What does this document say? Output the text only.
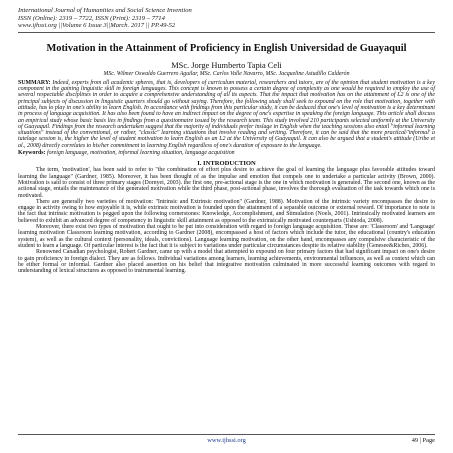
International Journal of Humanities and Social Science Invention
ISSN (Online): 2319 – 7722, ISSN (Print): 2319 – 7714
www.ijhssi.org ||Volume 6 Issue 3||March. 2017 || PP.49-52
Motivation in the Attainment of Proficiency in English Universidad de Guayaquil
MSc. Jorge Humberto Tapia Celi
MSc. Wilmer Oswaldo Guerrero Aguilar, MSc. Carlos Valle Navarro, MSc. Jacqueline Astudillo Calderón
SUMMARY: Indeed, experts from all academic spheres, that is, developers of curriculum material, researchers and tutors, are of the opinion that student motivation is a key component in the gaining linguistic skill in foreign languages. This concept is known to possess a certain degree of complexity as one would be required to employ the use of several respectable disciplines in order to acquire a comprehensive understanding of all its aspects. That the impact that motivation has on the attainment of L2 is one of the principal subjects of discussion in linguistic quarters should go without saying. Therefore, the following study shall seek to expound on the role that motivation, together with attitude, has to play in one's ability to learn English. In accordance with findings from this particular study, it can be deduced that one's level of motivation is a key determinant in process of language acquisition. It has also been found to have an indirect impact on the degree of one's expertise in speaking the foreign language. This article shall discuss an empirical study whose basic basis lies in findings from a questionnaire issued by the research team. This study involved 210 participants selected uniformly at the University of Guayaquil. Findings from the research undertaken suggest that the majority of individuals prefer inslage in English when the teaching sessions also entail "informal learning situations" instead of the conventional, or rather, "classic" learning situations that involve reading and writing. Therefore, it can be said that the more practical/'informal' a tutelage session is, the higher the level of student motivation to learn English as an L2 at the University of Guayaquil. It can also be argued that a student's attitude (Uribe et al., 2008) directly correlates to his/her commitment to learning English regardless of one's duration of exposure to the language.
Keywords: foreign language, motivation, informal learning situation, language acquisition
I. INTRODUCTION

The term, 'motivation', has been said to refer to "the combination of effort plus desire to achieve the goal of learning the language plus favorable attitudes toward learning the language" (Gardner, 1985). Moreover, it has been thought of as the impulse and emotion that compels one to undertake a particular activity (Brown, 2000). Motivation is said to consist of three primary stages (Dornyei, 2003). the first one, pre-actional stage is the one in which motivation is generated. The second one, known as the actional stage, entails the maintenance of the generated motivation while the third phase, post-actional phase, involves the thorough evaluation of the task towards which one is motivated.

There are generally two varieties of motivation: "Intrinsic and Extrinsic motivation" (Gardner, 1988). Motivation of the intrinsic variety encompasses the desire to engage in activity owing to how enjoyable it is, while extrinsic motivation is founded upon the attainment of a separable outcome or external reward. Of importance to note is the fact that intrinsic motivation is pegged upon the following cornerstones: Knowledge, Accomplishment, and Stimulation (Noels, 2001). Intrinsically motivated learners are believed to exhibit an advanced degree of competency in linguistic skill attainment as opposed to the extrinsically motivated counterparts (Ushioda, 2008).

Moreover, there exist two types of motivation that ought to be put into consideration with regard to foreign language acquisition. These are: 'Classroom' and 'Language' learning motivation Classroom learning motivation, according to Gardner (2008), encompassed a host of factors which include the tutor, the educational (country's education system), as well as the cultural context (personality, ideals, convictions). Language learning motivation, on the other hand, encompasses any compulsive characteristic of the student to learn a language. Of particular interest is the fact that it is subject to variations under particular circumstances despite its relative stability (Genesee&Riches, 2006).

Renowned Canadian psychologist, Robert Gardner, came up with a model that attempted to expound on four primary factors that had significant impact on one's desire to gain proficiency in foreign dialect. They are as follows. Individual variations among learners, learning achievements, environmental influences, as well as context which can be either formal or informal. Gardner also placed assertion on his belief that integrative motivation culminated in more successful learning outcomes with regard to understanding of lexical structures as opposed to instrumental learning.

www.ijhssi.org	49 | Page
